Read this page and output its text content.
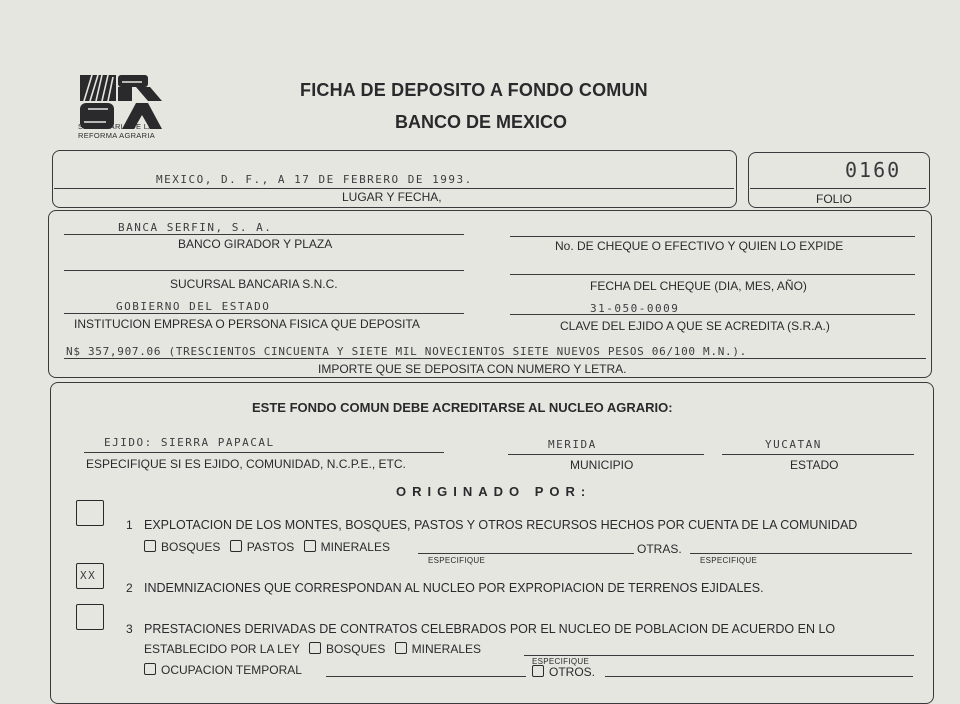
SECRETARIA DE LA
REFORMA AGRARIA
FICHA DE DEPOSITO A FONDO COMUN
BANCO DE MEXICO
MEXICO, D. F., A 17 DE FEBRERO DE 1993.
LUGAR Y FECHA,
0160
FOLIO
BANCA SERFIN, S. A.
BANCO GIRADOR Y PLAZA	No. DE CHEQUE O EFECTIVO Y QUIEN LO EXPIDE
SUCURSAL BANCARIA S.N.C.	FECHA DEL CHEQUE (DIA, MES, AÑO)
GOBIERNO DEL ESTADO
INSTITUCION EMPRESA O PERSONA FISICA QUE DEPOSITA
31-050-0009
CLAVE DEL EJIDO A QUE SE ACREDITA (S.R.A.)
N$ 357,907.06 (TRESCIENTOS CINCUENTA Y SIETE MIL NOVECIENTOS SIETE NUEVOS PESOS 06/100 M.N.).
IMPORTE QUE SE DEPOSITA CON NUMERO Y LETRA.
ESTE FONDO COMUN DEBE ACREDITARSE AL NUCLEO AGRARIO:
EJIDO: SIERRA PAPACAL
ESPECIFIQUE SI ES EJIDO, COMUNIDAD, N.C.P.E., ETC.
MERIDA
MUNICIPIO
YUCATAN
ESTADO
ORIGINADO POR:
1 EXPLOTACION DE LOS MONTES, BOSQUES, PASTOS Y OTROS RECURSOS HECHOS POR CUENTA DE LA COMUNIDAD
BOSQUES PASTOS MINERALES
ESPECIFIQUE
OTRAS.
ESPECIFIQUE
XX
2 INDEMNIZACIONES QUE CORRESPONDAN AL NUCLEO POR EXPROPIACION DE TERRENOS EJIDALES.
3 PRESTACIONES DERIVADAS DE CONTRATOS CELEBRADOS POR EL NUCLEO DE POBLACION DE ACUERDO EN LO
ESTABLECIDO POR LA LEY BOSQUES MINERALES
ESPECIFIQUE
OCUPACION TEMPORAL	OTROS.
